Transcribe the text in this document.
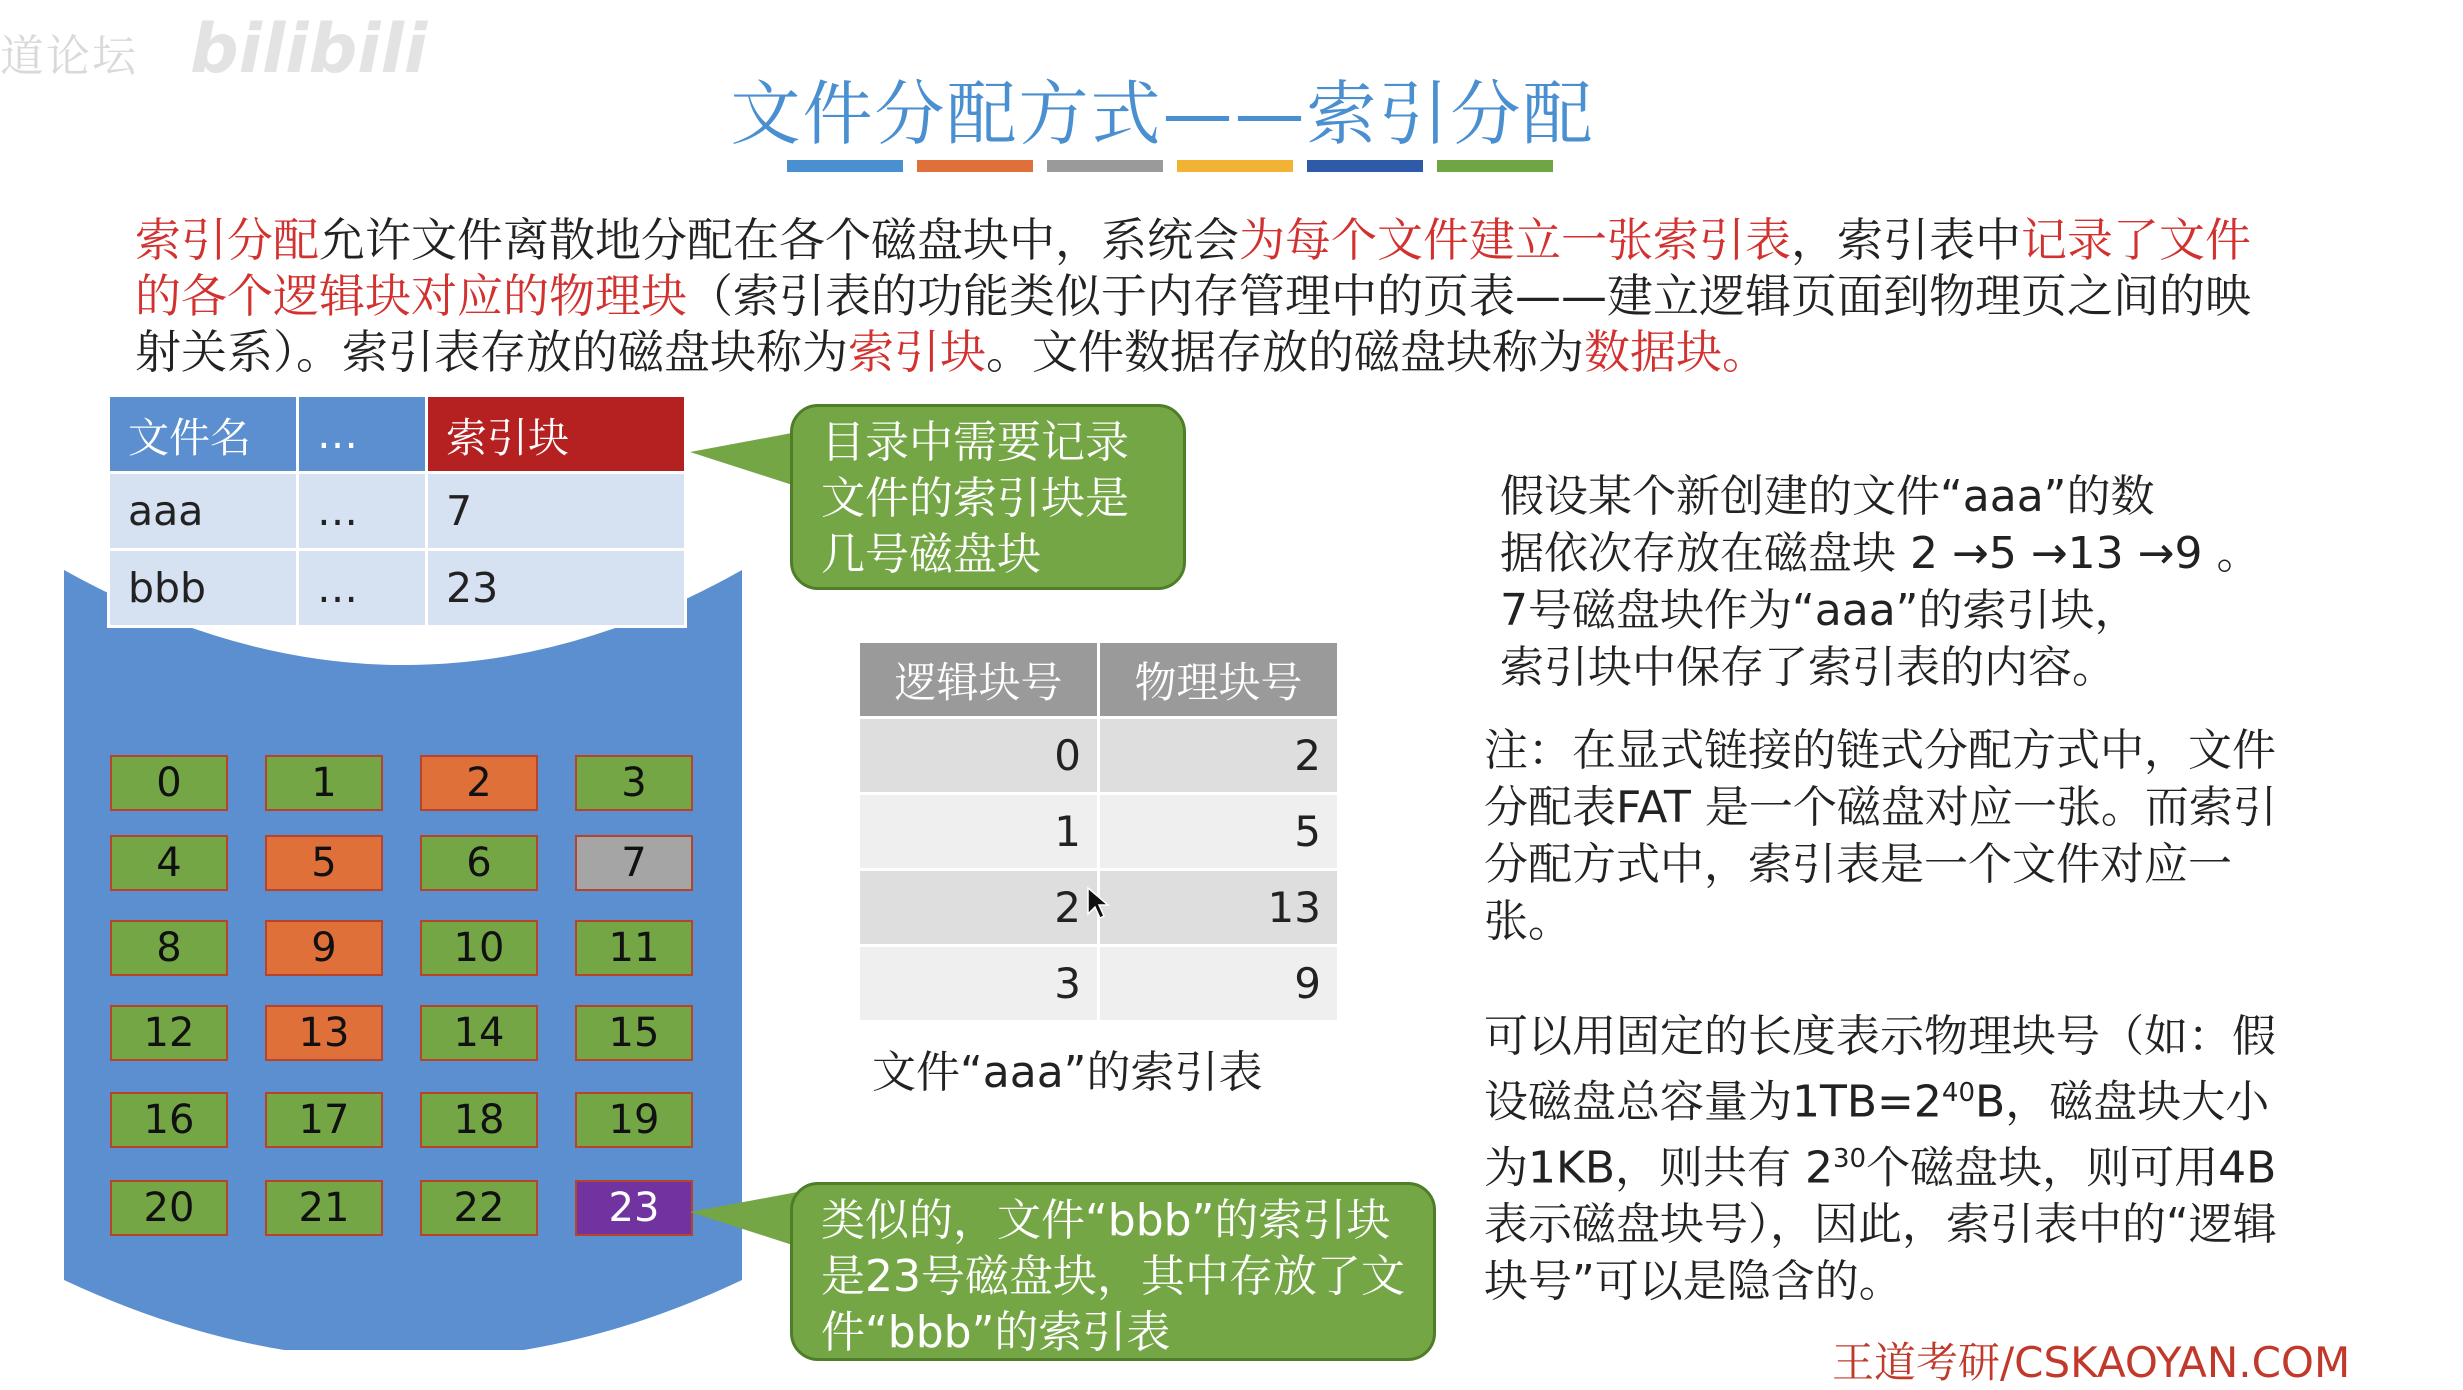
道论坛 bilibili
文件分配方式——索引分配
索引分配允许文件离散地分配在各个磁盘块中，系统会为每个文件建立一张索引表，索引表中记录了文件的各个逻辑块对应的物理块（索引表的功能类似于内存管理中的页表——建立逻辑页面到物理页之间的映射关系）。索引表存放的磁盘块称为索引块。文件数据存放的磁盘块称为数据块。
文件名	…	索引块
aaa	…	7
bbb	…	23
0	1	2	3
4	5	6	7
8	9	10	11
12	13	14	15
16	17	18	19
20	21	22	23
目录中需要记录文件的索引块是几号磁盘块
逻辑块号	物理块号
0	2
1	5
2	13
3	9
文件“aaa”的索引表
类似的，文件“bbb”的索引块是23号磁盘块，其中存放了文件“bbb”的索引表
假设某个新创建的文件“aaa”的数
据依次存放在磁盘块 2 →5 →13 →9 。
7号磁盘块作为“aaa”的索引块，
索引块中保存了索引表的内容。
注：在显式链接的链式分配方式中，文件分配表FAT 是一个磁盘对应一张。而索引分配方式中，索引表是一个文件对应一张。
可以用固定的长度表示物理块号（如：假设磁盘总容量为$1TB=2^{40}B$，磁盘块大小为1KB，则共有 $2^{30}$个磁盘块，则可用4B 表示磁盘块号），因此，索引表中的“逻辑块号”可以是隐含的。
王道考研/CSKAOYAN.COM
